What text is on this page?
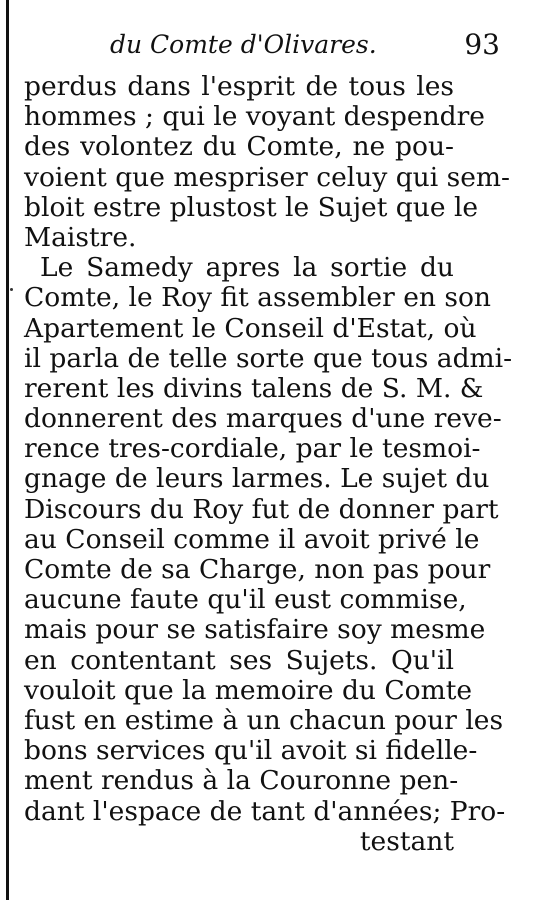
du Comte d'Olivares.	93
perdus dans l'esprit de tous les
hommes ; qui le voyant despendre
des volontez du Comte, ne pou-
voient que mespriser celuy qui sem-
bloit estre plustost le Sujet que le
Maistre.
Le Samedy apres la sortie du
Comte, le Roy fit assembler en son
Apartement le Conseil d'Estat, où
il parla de telle sorte que tous admi-
rerent les divins talens de S. M. &
donnerent des marques d'une reve-
rence tres-cordiale, par le tesmoi-
gnage de leurs larmes. Le sujet du
Discours du Roy fut de donner part
au Conseil comme il avoit privé le
Comte de sa Charge, non pas pour
aucune faute qu'il eust commise,
mais pour se satisfaire soy mesme
en contentant ses Sujets. Qu'il
vouloit que la memoire du Comte
fust en estime à un chacun pour les
bons services qu'il avoit si fidelle-
ment rendus à la Couronne pen-
dant l'espace de tant d'années; Pro-
testant
